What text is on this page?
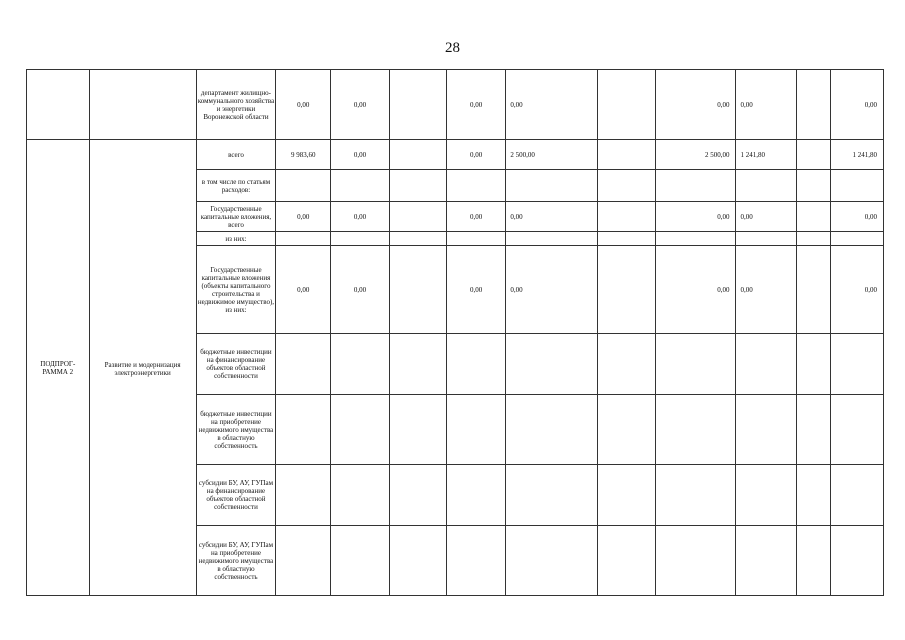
28
		департамент жилищно-коммунального хозяйства и энергетики Воронежской области	0,00	0,00		0,00	0,00		0,00	0,00		0,00
ПОДПРОГ-
РАММА 2	Развитие и модернизация электроэнергетики	всего	9 983,60	0,00		0,00	2 500,00		2 500,00	1 241,80		1 241,80
		в том числе по статьям расходов:										
		Государственные капитальные вложения, всего	0,00	0,00		0,00	0,00		0,00	0,00		0,00
		из них:										
		Государственные капитальные вложения (объекты капитального строительства и недвижимое имущество), из них:	0,00	0,00		0,00	0,00		0,00	0,00		0,00
		бюджетные инвестиции на финансирование объектов областной собственности										
		бюджетные инвестиции на приобретение недвижимого имущества в областную собственность										
		субсидии БУ, АУ, ГУПам на финансирование объектов областной собственности										
		субсидии БУ, АУ, ГУПам на приобретение недвижимого имущества в областную собственность										
